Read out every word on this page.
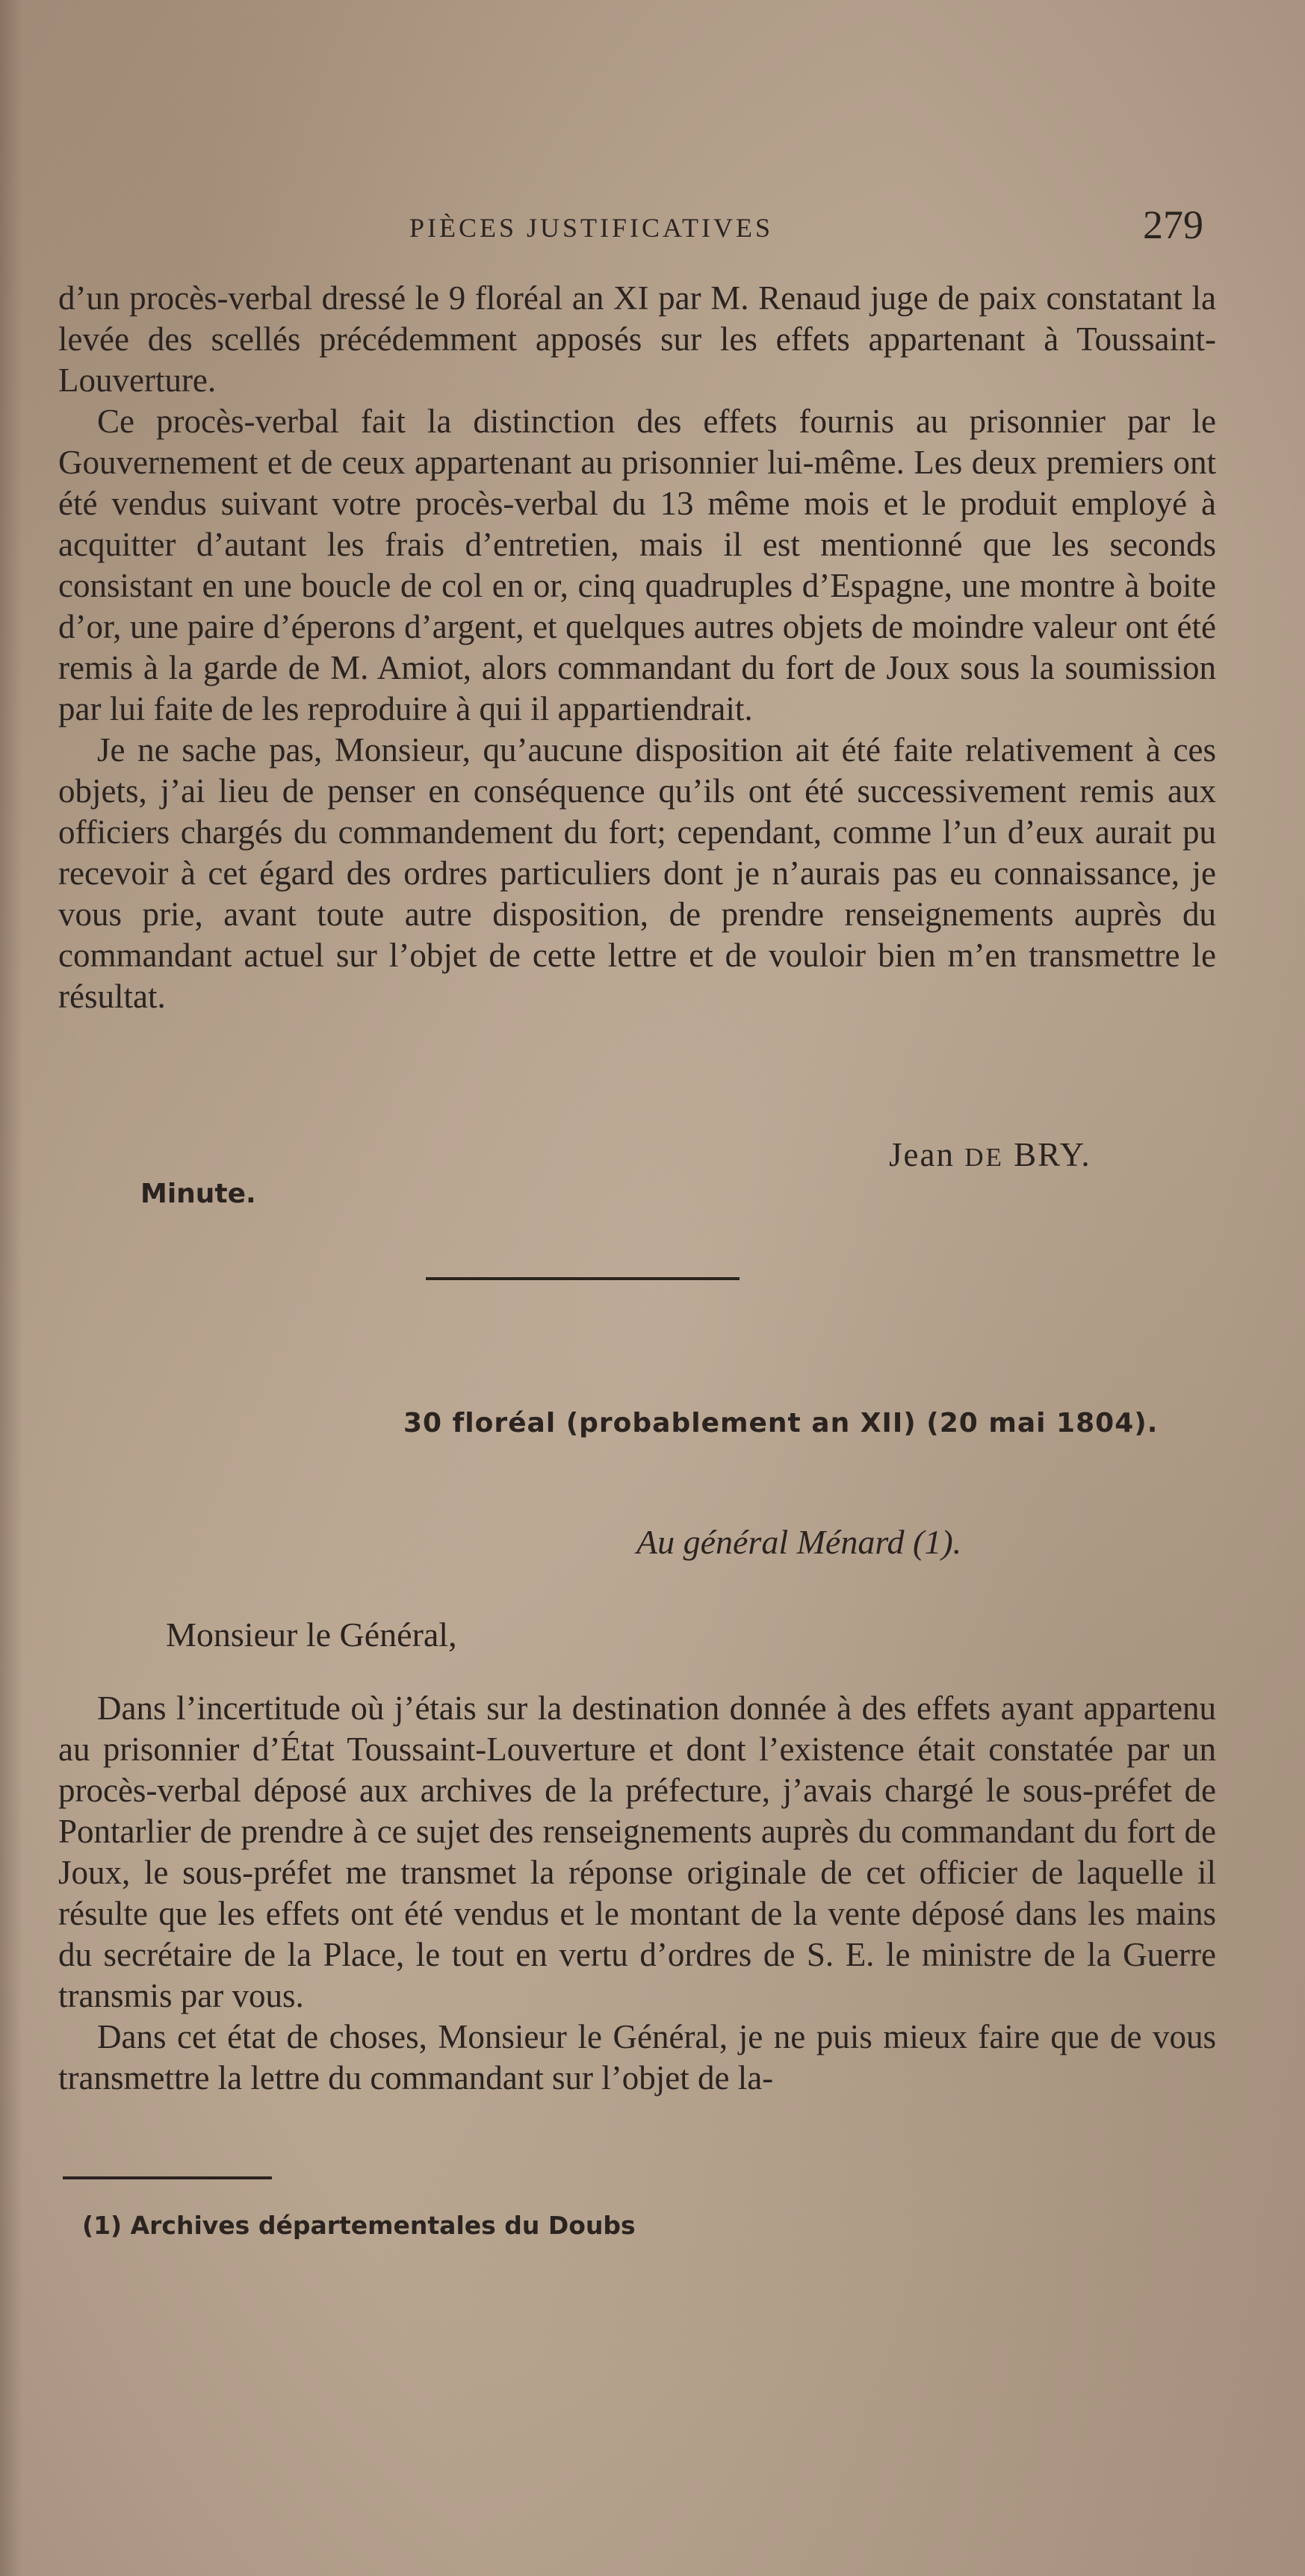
PIÈCES JUSTIFICATIVES	279

d’un procès-verbal dressé le 9 floréal an XI par M. Renaud juge de paix constatant la levée des scellés précédemment apposés sur les effets appartenant à Toussaint-Louverture.

Ce procès-verbal fait la distinction des effets fournis au prisonnier par le Gouvernement et de ceux appartenant au prisonnier lui-même. Les deux premiers ont été vendus suivant votre procès-verbal du 13 même mois et le produit employé à acquitter d’autant les frais d’entretien, mais il est mentionné que les seconds consistant en une boucle de col en or, cinq quadruples d’Espagne, une montre à boite d’or, une paire d’éperons d’argent, et quelques autres objets de moindre valeur ont été remis à la garde de M. Amiot, alors commandant du fort de Joux sous la soumission par lui faite de les reproduire à qui il appartiendrait.

Je ne sache pas, Monsieur, qu’aucune disposition ait été faite relativement à ces objets, j’ai lieu de penser en conséquence qu’ils ont été successivement remis aux officiers chargés du commandement du fort; cependant, comme l’un d’eux aurait pu recevoir à cet égard des ordres particuliers dont je n’aurais pas eu connaissance, je vous prie, avant toute autre disposition, de prendre renseignements auprès du commandant actuel sur l’objet de cette lettre et de vouloir bien m’en transmettre le résultat.

Jean DE BRY.
Minute.
30 floréal (probablement an XII) (20 mai 1804).
Au général Ménard (1).
Monsieur le Général,

Dans l’incertitude où j’étais sur la destination donnée à des effets ayant appartenu au prisonnier d’État Toussaint-Louverture et dont l’existence était constatée par un procès-verbal déposé aux archives de la préfecture, j’avais chargé le sous-préfet de Pontarlier de prendre à ce sujet des renseignements auprès du commandant du fort de Joux, le sous-préfet me transmet la réponse originale de cet officier de laquelle il résulte que les effets ont été vendus et le montant de la vente déposé dans les mains du secrétaire de la Place, le tout en vertu d’ordres de S. E. le ministre de la Guerre transmis par vous.

Dans cet état de choses, Monsieur le Général, je ne puis mieux faire que de vous transmettre la lettre du commandant sur l’objet de la-

(1) Archives départementales du Doubs
